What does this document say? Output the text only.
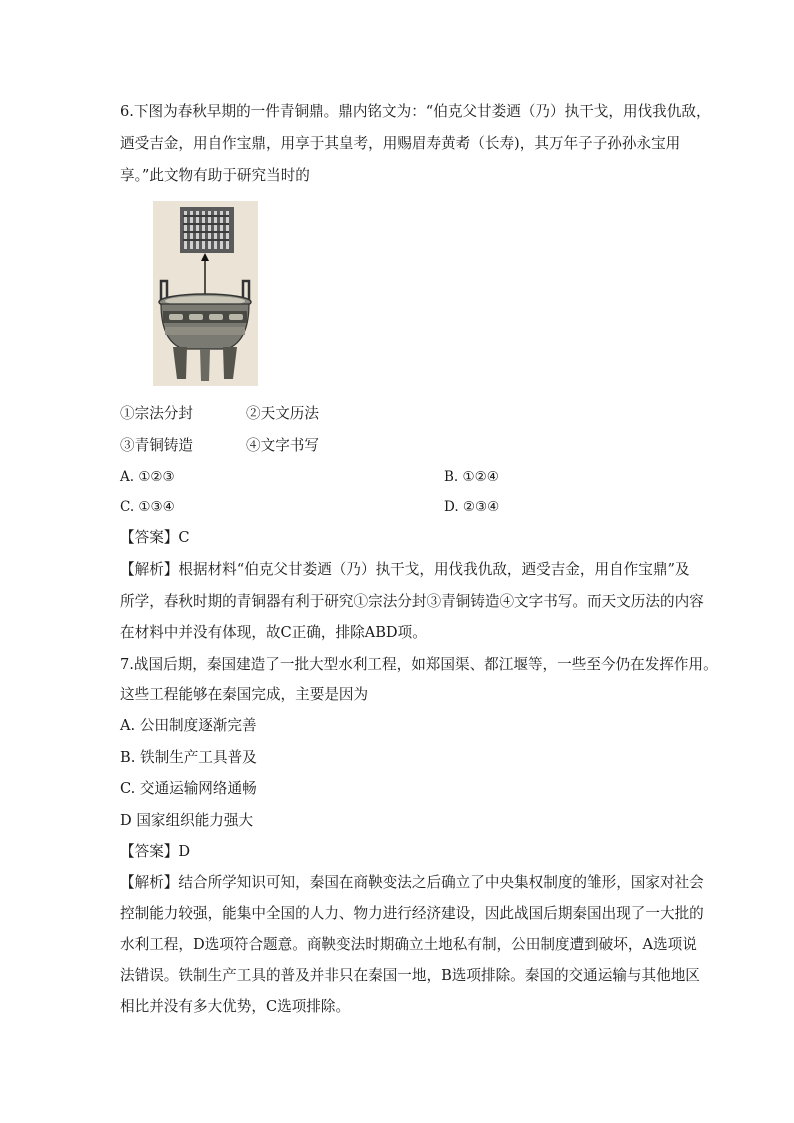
6.下图为春秋早期的一件青铜鼎。鼎内铭文为：“伯克父甘娄迺（乃）执干戈，用伐我仇敌，
迺受吉金，用自作宝鼎，用享于其皇考，用赐眉寿黄耇（长寿)，其万年子子孙孙永宝用
享。”此文物有助于研究当时的
①宗法分封	②天文历法
③青铜铸造	④文字书写
A. ①②③	B. ①②④
C. ①③④	D. ②③④
【答案】C
【解析】根据材料“伯克父甘娄迺（乃）执干戈，用伐我仇敌，迺受吉金，用自作宝鼎”及
所学，春秋时期的青铜器有利于研究①宗法分封③青铜铸造④文字书写。而天文历法的内容
在材料中并没有体现，故C正确，排除ABD项。
7.战国后期，秦国建造了一批大型水利工程，如郑国渠、都江堰等，一些至今仍在发挥作用。
这些工程能够在秦国完成，主要是因为
A. 公田制度逐渐完善
B. 铁制生产工具普及
C. 交通运输网络通畅
D 国家组织能力强大
【答案】D
【解析】结合所学知识可知，秦国在商鞅变法之后确立了中央集权制度的雏形，国家对社会
控制能力较强，能集中全国的人力、物力进行经济建设，因此战国后期秦国出现了一大批的
水利工程，D选项符合题意。商鞅变法时期确立土地私有制，公田制度遭到破坏，A选项说
法错误。铁制生产工具的普及并非只在秦国一地，B选项排除。秦国的交通运输与其他地区
相比并没有多大优势，C选项排除。
